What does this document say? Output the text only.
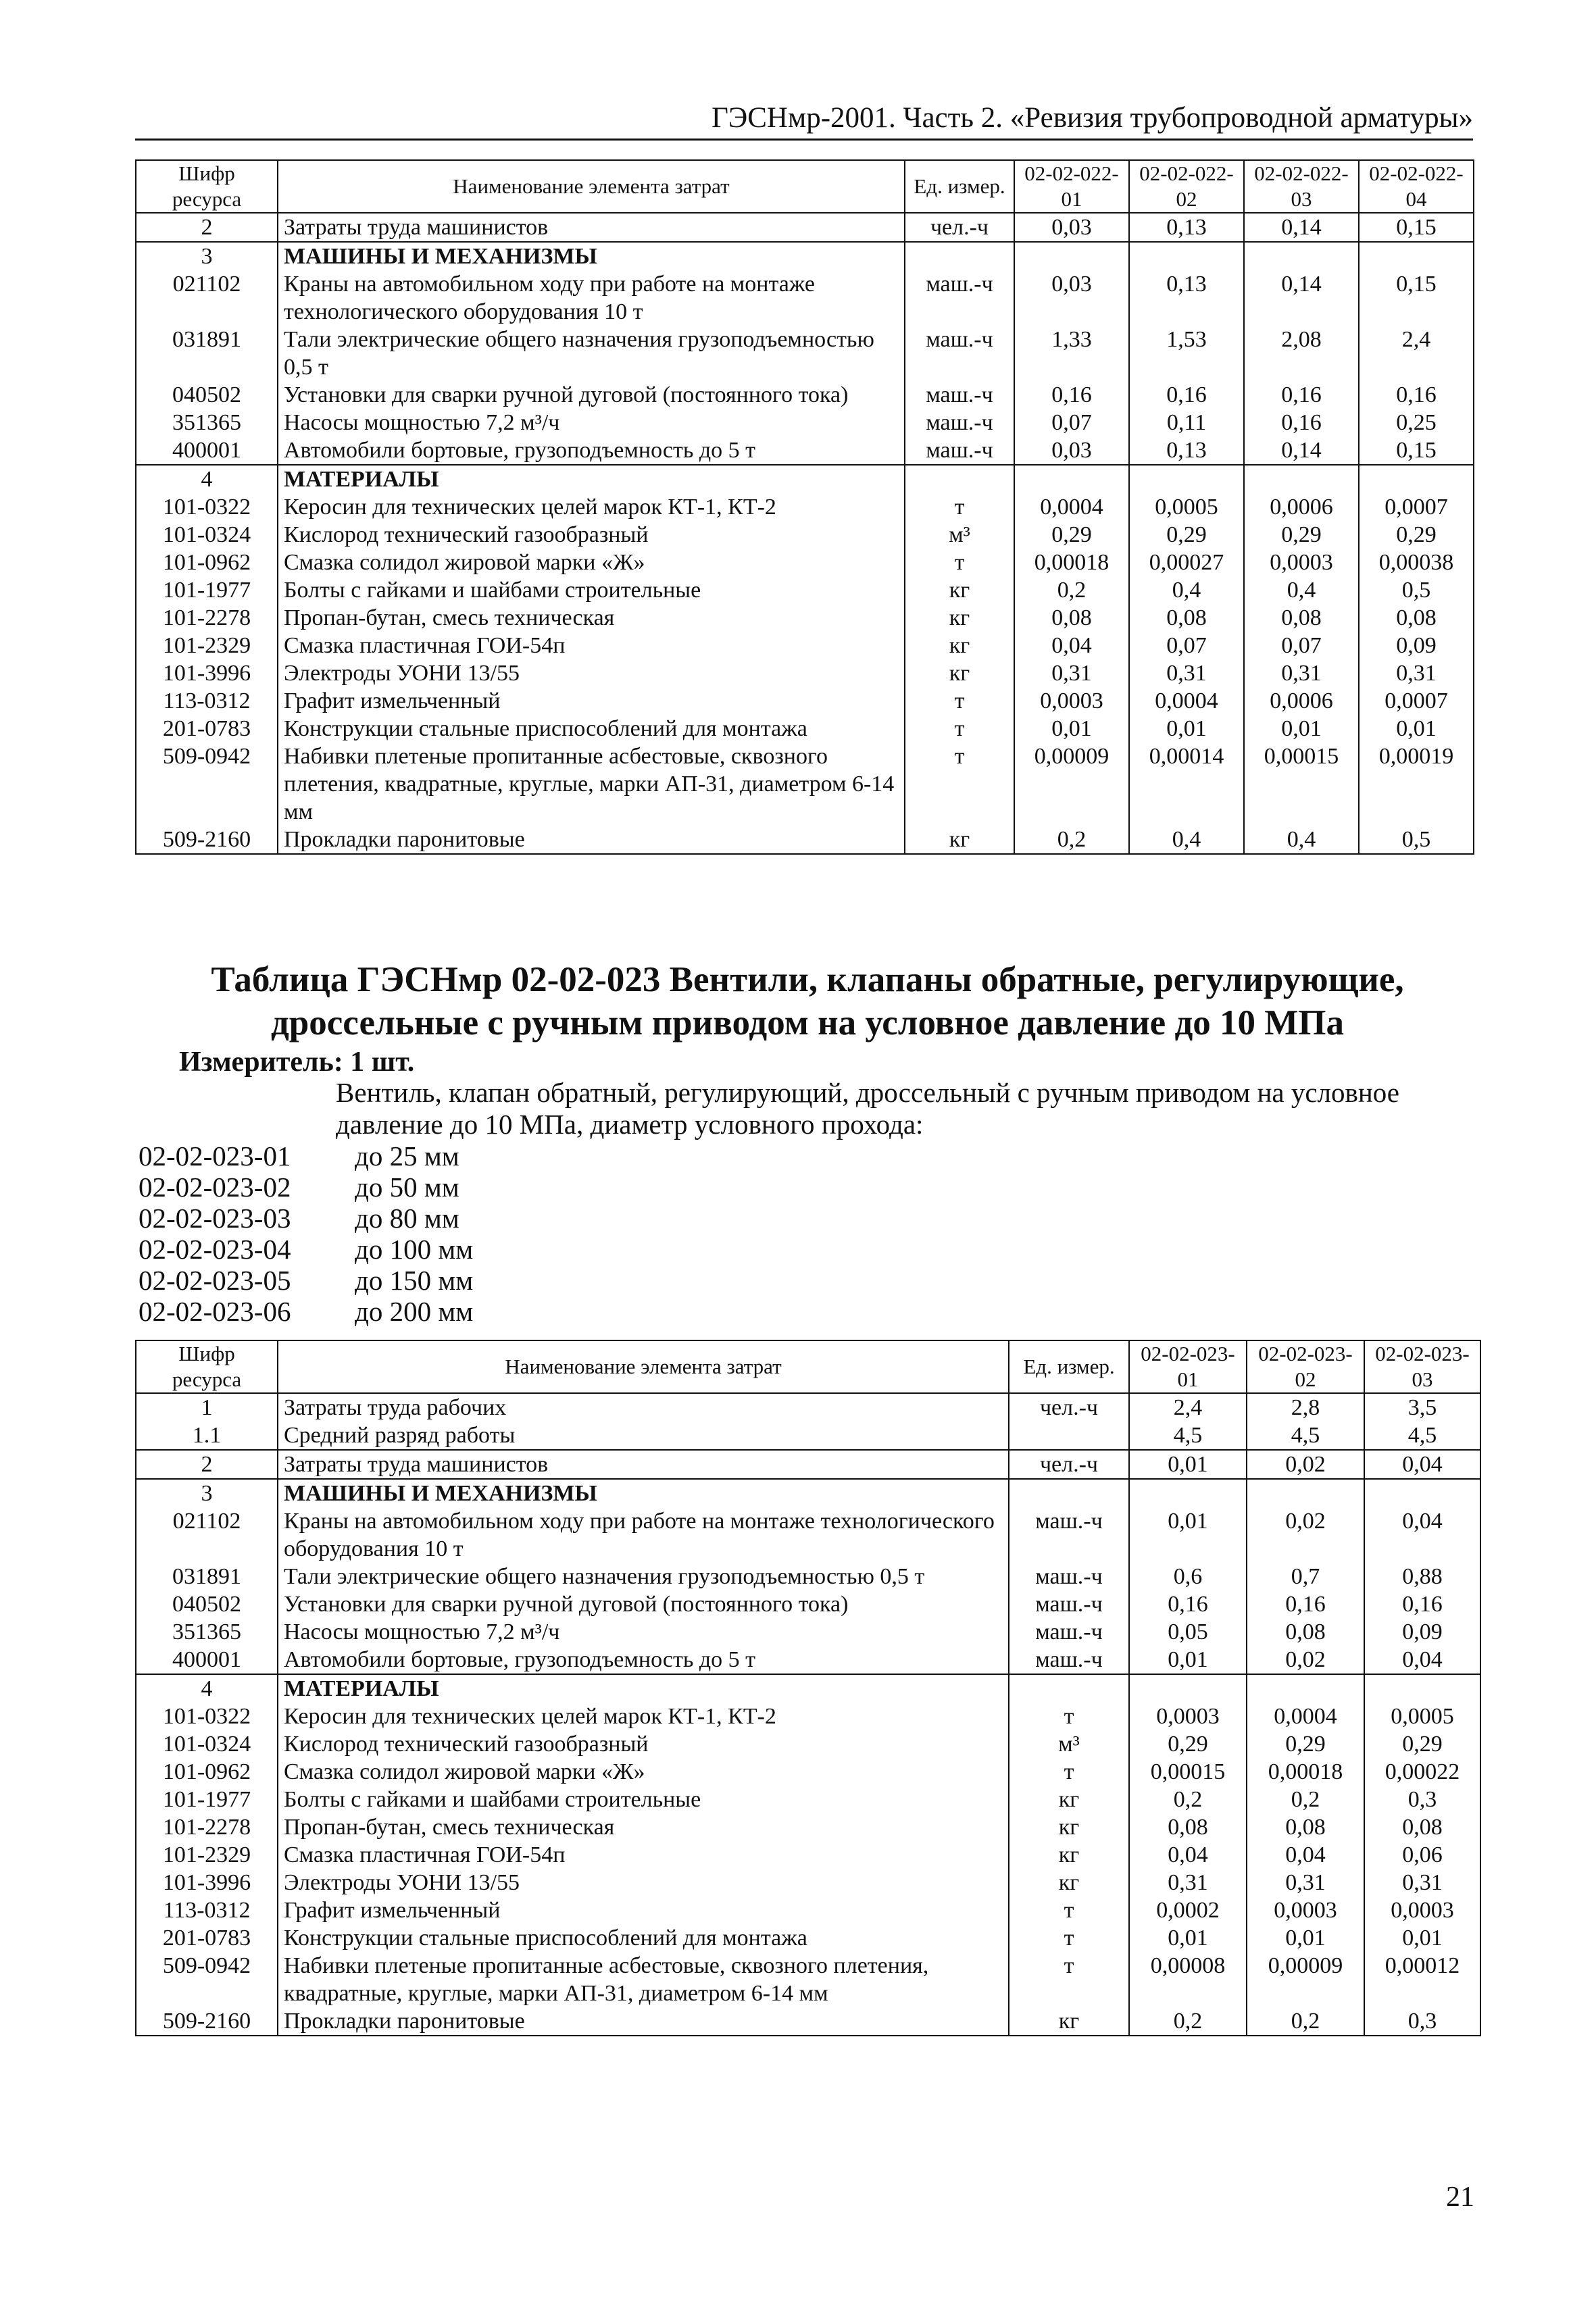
ГЭСНмр-2001. Часть 2. «Ревизия трубопроводной арматуры»
Шифр ресурса	Наименование элемента затрат	Ед. измер.	02-02-022-01	02-02-022-02	02-02-022-03	02-02-022-04
2	Затраты труда машинистов	чел.-ч	0,03	0,13	0,14	0,15
3	МАШИНЫ И МЕХАНИЗМЫ					
021102	Краны на автомобильном ходу при работе на монтаже технологического оборудования 10 т	маш.-ч	0,03	0,13	0,14	0,15
031891	Тали электрические общего назначения грузоподъемностью 0,5 т	маш.-ч	1,33	1,53	2,08	2,4
040502	Установки для сварки ручной дуговой (постоянного тока)	маш.-ч	0,16	0,16	0,16	0,16
351365	Насосы мощностью 7,2 м³/ч	маш.-ч	0,07	0,11	0,16	0,25
400001	Автомобили бортовые, грузоподъемность до 5 т	маш.-ч	0,03	0,13	0,14	0,15
4	МАТЕРИАЛЫ					
101-0322	Керосин для технических целей марок КТ-1, КТ-2	т	0,0004	0,0005	0,0006	0,0007
101-0324	Кислород технический газообразный	м³	0,29	0,29	0,29	0,29
101-0962	Смазка солидол жировой марки «Ж»	т	0,00018	0,00027	0,0003	0,00038
101-1977	Болты с гайками и шайбами строительные	кг	0,2	0,4	0,4	0,5
101-2278	Пропан-бутан, смесь техническая	кг	0,08	0,08	0,08	0,08
101-2329	Смазка пластичная ГОИ-54п	кг	0,04	0,07	0,07	0,09
101-3996	Электроды УОНИ 13/55	кг	0,31	0,31	0,31	0,31
113-0312	Графит измельченный	т	0,0003	0,0004	0,0006	0,0007
201-0783	Конструкции стальные приспособлений для монтажа	т	0,01	0,01	0,01	0,01
509-0942	Набивки плетеные пропитанные асбестовые, сквозного плетения, квадратные, круглые, марки АП-31, диаметром 6-14 мм	т	0,00009	0,00014	0,00015	0,00019
509-2160	Прокладки паронитовые	кг	0,2	0,4	0,4	0,5
Таблица ГЭСНмр 02-02-023 Вентили, клапаны обратные, регулирующие, дроссельные с ручным приводом на условное давление до 10 МПа
Измеритель: 1 шт.
Вентиль, клапан обратный, регулирующий, дроссельный с ручным приводом на условное давление до 10 МПа, диаметр условного прохода:
02-02-023-01	до 25 мм
02-02-023-02	до 50 мм
02-02-023-03	до 80 мм
02-02-023-04	до 100 мм
02-02-023-05	до 150 мм
02-02-023-06	до 200 мм
Шифр ресурса	Наименование элемента затрат	Ед. измер.	02-02-023-01	02-02-023-02	02-02-023-03
1	Затраты труда рабочих	чел.-ч	2,4	2,8	3,5
1.1	Средний разряд работы		4,5	4,5	4,5
2	Затраты труда машинистов	чел.-ч	0,01	0,02	0,04
3	МАШИНЫ И МЕХАНИЗМЫ				
021102	Краны на автомобильном ходу при работе на монтаже технологического оборудования 10 т	маш.-ч	0,01	0,02	0,04
031891	Тали электрические общего назначения грузоподъемностью 0,5 т	маш.-ч	0,6	0,7	0,88
040502	Установки для сварки ручной дуговой (постоянного тока)	маш.-ч	0,16	0,16	0,16
351365	Насосы мощностью 7,2 м³/ч	маш.-ч	0,05	0,08	0,09
400001	Автомобили бортовые, грузоподъемность до 5 т	маш.-ч	0,01	0,02	0,04
4	МАТЕРИАЛЫ				
101-0322	Керосин для технических целей марок КТ-1, КТ-2	т	0,0003	0,0004	0,0005
101-0324	Кислород технический газообразный	м³	0,29	0,29	0,29
101-0962	Смазка солидол жировой марки «Ж»	т	0,00015	0,00018	0,00022
101-1977	Болты с гайками и шайбами строительные	кг	0,2	0,2	0,3
101-2278	Пропан-бутан, смесь техническая	кг	0,08	0,08	0,08
101-2329	Смазка пластичная ГОИ-54п	кг	0,04	0,04	0,06
101-3996	Электроды УОНИ 13/55	кг	0,31	0,31	0,31
113-0312	Графит измельченный	т	0,0002	0,0003	0,0003
201-0783	Конструкции стальные приспособлений для монтажа	т	0,01	0,01	0,01
509-0942	Набивки плетеные пропитанные асбестовые, сквозного плетения, квадратные, круглые, марки АП-31, диаметром 6-14 мм	т	0,00008	0,00009	0,00012
509-2160	Прокладки паронитовые	кг	0,2	0,2	0,3
21
